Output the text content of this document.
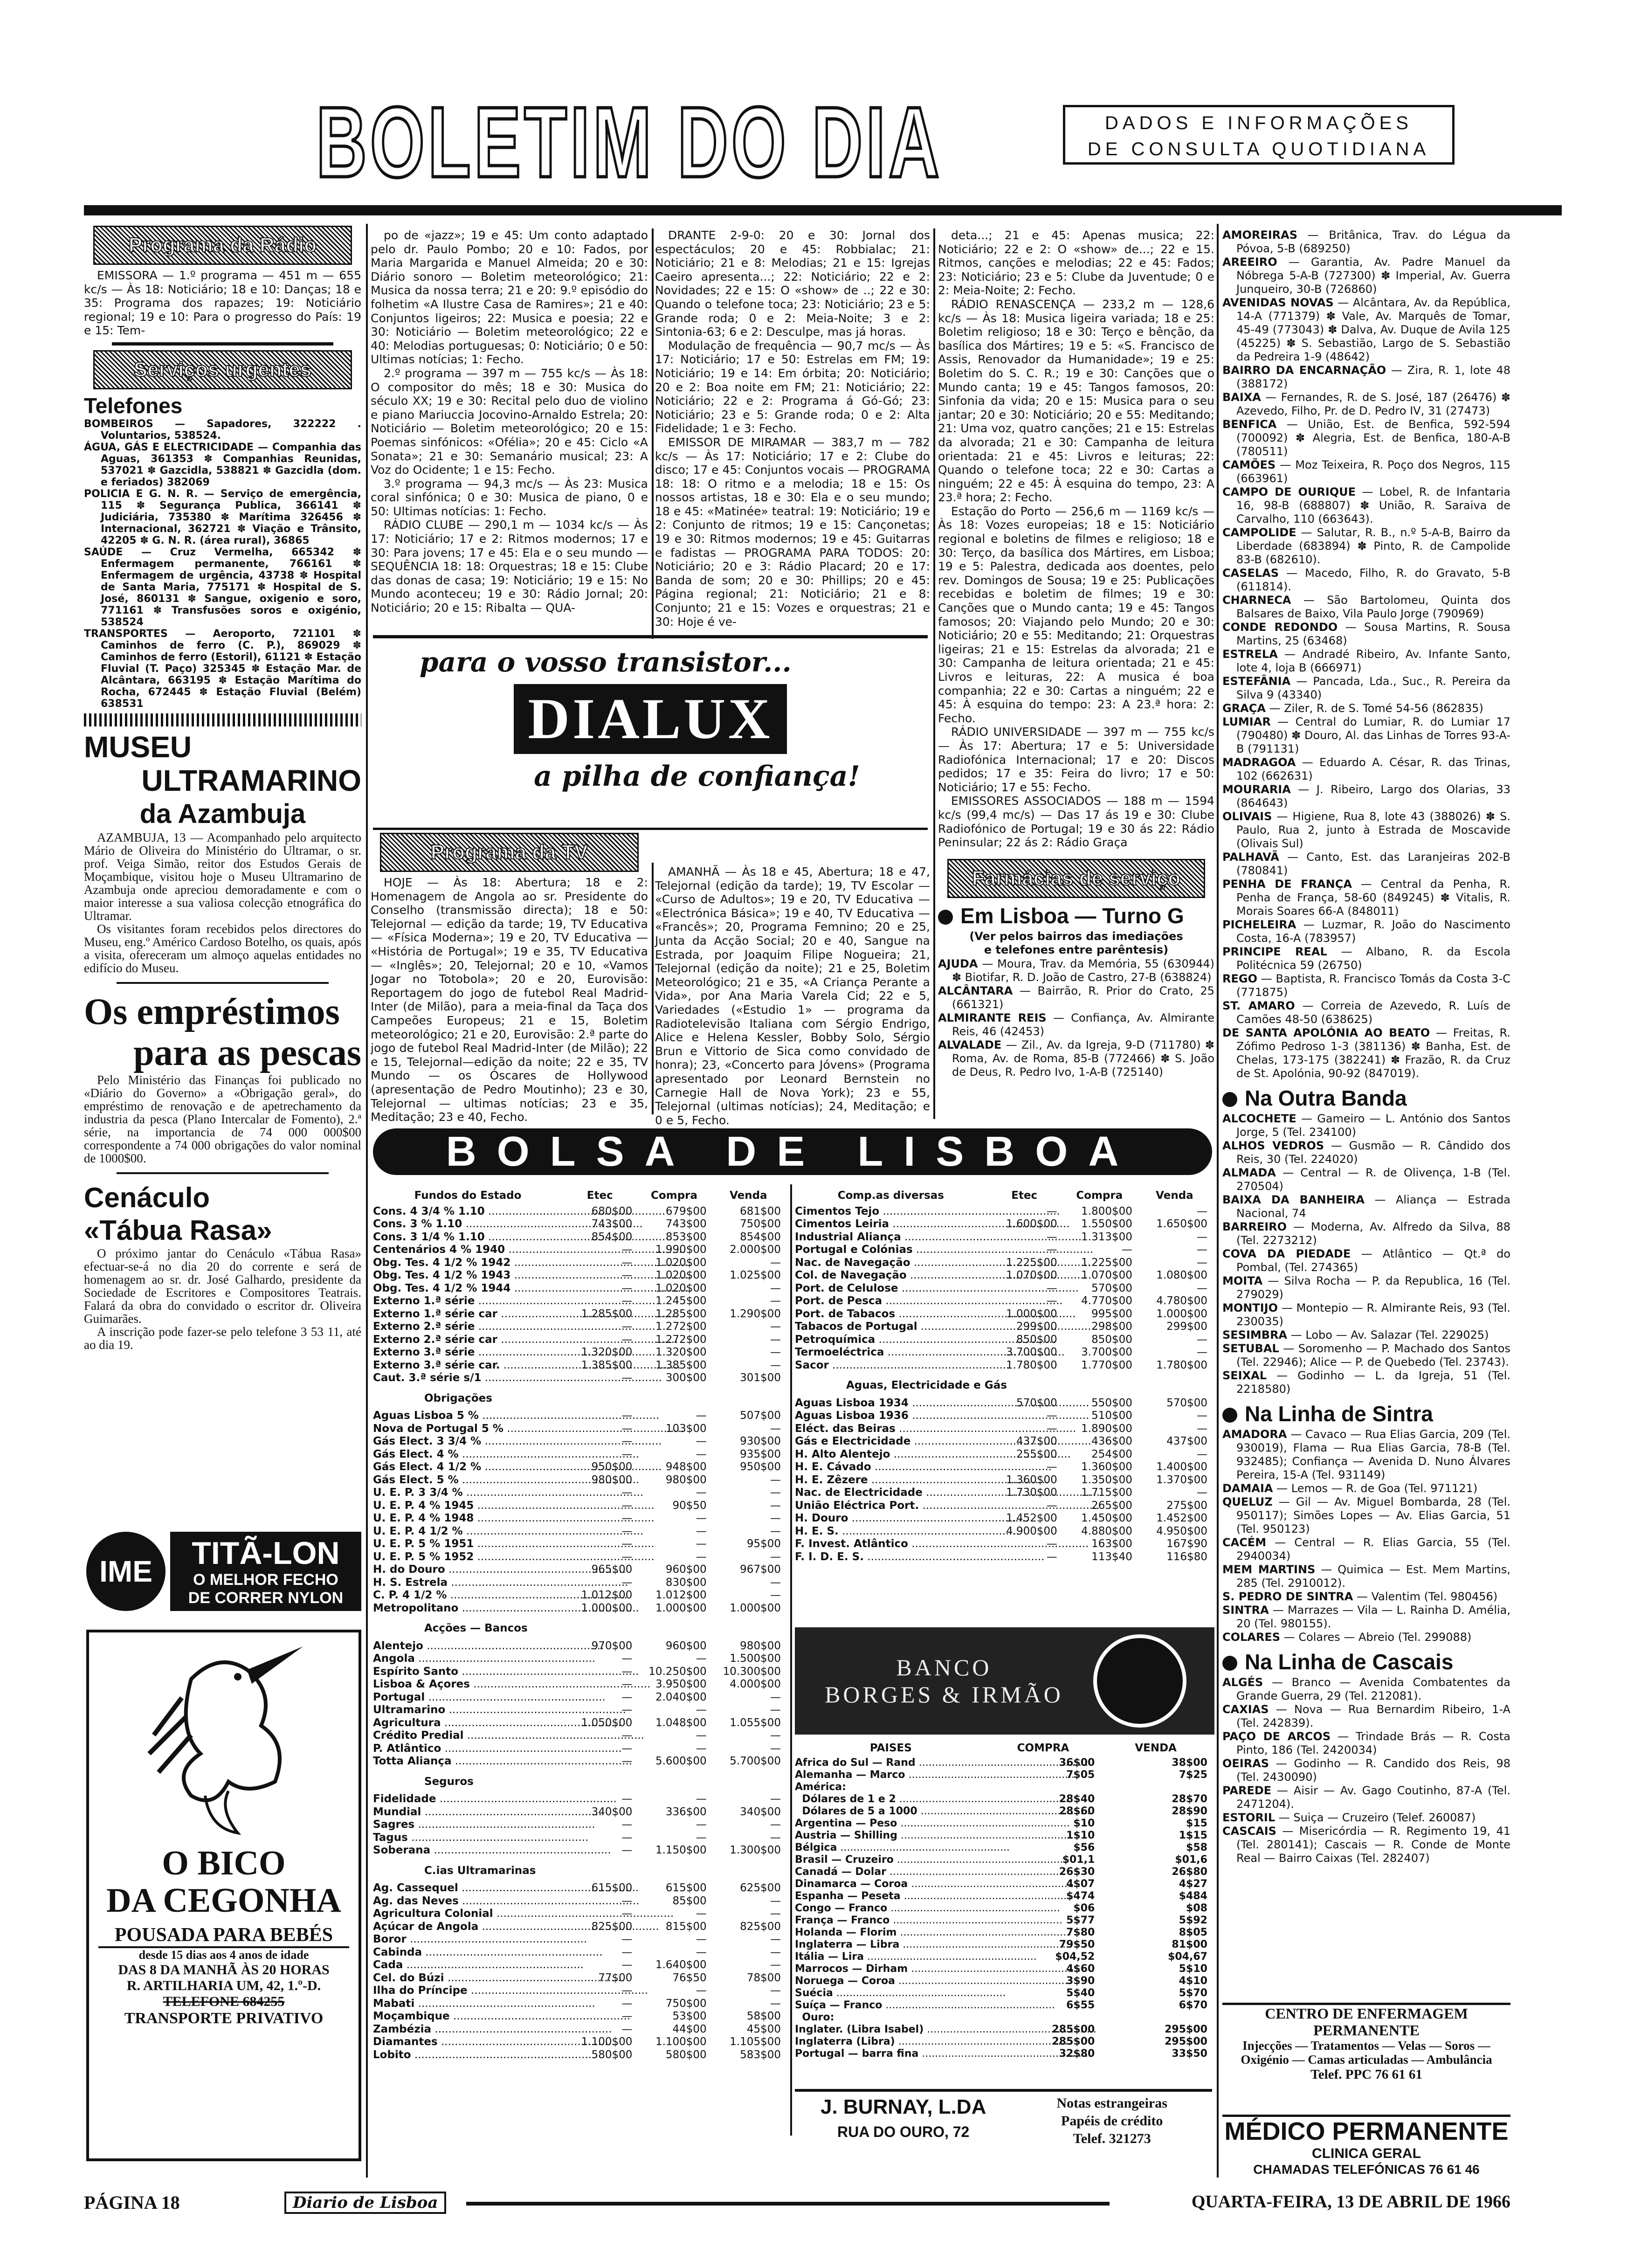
BOLETIM DO DIA	DADOS E INFORMAÇÕES
DE CONSULTA QUOTIDIANA
Programa da Rádio

EMISSORA — 1.º programa — 451 m — 655 kc/s — Às 18: Noticiário; 18 e 10: Danças; 18 e 35: Programa dos rapazes; 19: Noticiário regional; 19 e 10: Para o progresso do País: 19 e 15: Tem-

Serviços urgentes
Telefones
BOMBEIROS — Sapadores, 322222 . Voluntarios, 538524.
ÁGUA, GÁS E ELECTRICIDADE — Companhia das Aguas, 361353 ✽ Companhias Reunidas, 537021 ✽ Gazcidla, 538821 ✽ Gazcidla (dom. e feriados) 382069
POLICIA E G. N. R. — Serviço de emergência, 115 ✽ Segurança Publica, 366141 ✽ Judiciária, 735380 ✽ Marítima 326456 ✽ Internacional, 362721 ✽ Viação e Trânsito, 42205 ✽ G. N. R. (área rural), 36865
SAÚDE — Cruz Vermelha, 665342 ✽ Enfermagem permanente, 766161 ✽ Enfermagem de urgência, 43738 ✽ Hospital de Santa Maria, 775171 ✽ Hospital de S. José, 860131 ✽ Sangue, oxigenio e soro, 771161 ✽ Transfusões soros e oxigénio, 538524
TRANSPORTES — Aeroporto, 721101 ✽ Caminhos de ferro (C. P.), 869029 ✽ Caminhos de ferro (Estoril), 61121 ✽ Estação Fluvial (T. Paço) 325345 ✽ Estação Mar. de Alcântara, 663195 ✽ Estação Marítima do Rocha, 672445 ✽ Estação Fluvial (Belém) 638531
MUSEU
ULTRAMARINO
da Azambuja

AZAMBUJA, 13 — Acompanhado pelo arquitecto Mário de Oliveira do Ministério do Ultramar, o sr. prof. Veiga Simão, reitor dos Estudos Gerais de Moçambique, visitou hoje o Museu Ultramarino de Azambuja onde apreciou demoradamente e com o maior interesse a sua valiosa colecção etnográfica do Ultramar.

Os visitantes foram recebidos pelos directores do Museu, eng.º Américo Cardoso Botelho, os quais, após a visita, ofereceram um almoço aquelas entidades no edifício do Museu.

Os empréstimos
para as pescas

Pelo Ministério das Finanças foi publicado no «Diário do Governo» a «Obrigação geral», do empréstimo de renovação e de apetrechamento da industria da pesca (Plano Intercalar de Fomento), 2.ª série, na importancia de 74 000 000$00 correspondente a 74 000 obrigações do valor nominal de 1000$00.

Cenáculo
«Tábua Rasa»

O próximo jantar do Cenáculo «Tábua Rasa» efectuar-se-á no dia 20 do corrente e será de homenagem ao sr. dr. José Galhardo, presidente da Sociedade de Escritores e Compositores Teatrais. Falará da obra do convidado o escritor dr. Oliveira Guimarães.

A inscrição pode fazer-se pelo telefone 3 53 11, até ao dia 19.

IME
TITÃ-LON
O MELHOR FECHO
DE CORRER NYLON
O BICO
DA CEGONHA
POUSADA PARA BEBÉS
desde 15 dias aos 4 anos de idade
DAS 8 DA MANHÃ ÀS 20 HORAS
R. ARTILHARIA UM, 42, 1.º-D.
TELEFONE 684255
TRANSPORTE PRIVATIVO

po de «jazz»; 19 e 45: Um conto adaptado pelo dr. Paulo Pombo; 20 e 10: Fados, por Maria Margarida e Manuel Almeida; 20 e 30: Diário sonoro — Boletim meteorológico; 21: Musica da nossa terra; 21 e 20: 9.º episódio do folhetim «A Ilustre Casa de Ramires»; 21 e 40: Conjuntos ligeiros; 22: Musica e poesia; 22 e 30: Noticiário — Boletim meteorológico; 22 e 40: Melodias portuguesas; 0: Noticiário; 0 e 50: Ultimas notícias; 1: Fecho.

2.º programa — 397 m — 755 kc/s — Às 18: O compositor do mês; 18 e 30: Musica do século XX; 19 e 30: Recital pelo duo de violino e piano Mariuccia Jocovino-Arnaldo Estrela; 20: Noticiário — Boletim meteorológico; 20 e 15: Poemas sinfónicos: «Ofélia»; 20 e 45: Ciclo «A Sonata»; 21 e 30: Semanário musical; 23: A Voz do Ocidente; 1 e 15: Fecho.

3.º programa — 94,3 mc/s — Às 23: Musica coral sinfónica; 0 e 30: Musica de piano, 0 e 50: Ultimas notícias: 1: Fecho.

RÁDIO CLUBE — 290,1 m — 1034 kc/s — Às 17: Noticiário; 17 e 2: Ritmos modernos; 17 e 30: Para jovens; 17 e 45: Ela e o seu mundo — SEQUÊNCIA 18: 18: Orquestras; 18 e 15: Clube das donas de casa; 19: Noticiário; 19 e 15: No Mundo aconteceu; 19 e 30: Rádio Jornal; 20: Noticiário; 20 e 15: Ribalta — QUA-

DRANTE 2-9-0: 20 e 30: Jornal dos espectáculos; 20 e 45: Robbialac; 21: Noticiário; 21 e 8: Melodias; 21 e 15: Igrejas Caeiro apresenta...; 22: Noticiário; 22 e 2: Novidades; 22 e 15: O «show» de ..; 22 e 30: Quando o telefone toca; 23: Noticiário; 23 e 5: Grande roda; 0 e 2: Meia-Noite; 3 e 2: Sintonia-63; 6 e 2: Desculpe, mas já horas.

Modulação de frequência — 90,7 mc/s — Às 17: Noticiário; 17 e 50: Estrelas em FM; 19: Noticiário; 19 e 14: Em órbita; 20: Noticiário; 20 e 2: Boa noite em FM; 21: Noticiário; 22: Noticiário; 22 e 2: Programa á Gó-Gó; 23: Noticiário; 23 e 5: Grande roda; 0 e 2: Alta Fidelidade; 1 e 3: Fecho.

EMISSOR DE MIRAMAR — 383,7 m — 782 kc/s — Às 17: Noticiário; 17 e 2: Clube do disco; 17 e 45: Conjuntos vocais — PROGRAMA 18: 18: O ritmo e a melodia; 18 e 15: Os nossos artistas, 18 e 30: Ela e o seu mundo; 18 e 45: «Matinée» teatral: 19: Noticiário; 19 e 2: Conjunto de ritmos; 19 e 15: Cançonetas; 19 e 30: Ritmos modernos; 19 e 45: Guitarras e fadistas — PROGRAMA PARA TODOS: 20: Noticiário; 20 e 3: Rádio Placard; 20 e 17: Banda de som; 20 e 30: Phillips; 20 e 45: Página regional; 21: Noticiário; 21 e 8: Conjunto; 21 e 15: Vozes e orquestras; 21 e 30: Hoje é ve-

para o vosso transistor...
DIALUX
a pilha de confiança!
Programa da TV

HOJE — Às 18: Abertura; 18 e 2: Homenagem de Angola ao sr. Presidente do Conselho (transmissão directa); 18 e 50: Telejornal — edição da tarde; 19, TV Educativa — «Física Moderna»; 19 e 20, TV Educativa — «História de Portugal»; 19 e 35, TV Educativa — «Inglês»; 20, Telejornal; 20 e 10, «Vamos Jogar no Totobola»; 20 e 20, Eurovisão: Reportagem do jogo de futebol Real Madrid-Inter (de Milão), para a meia-final da Taça dos Campeões Europeus; 21 e 15, Boletim meteorológico; 21 e 20, Eurovisão: 2.ª parte do jogo de futebol Real Madrid-Inter (de Milão); 22 e 15, Telejornal—edição da noite; 22 e 35, TV Mundo — os Óscares de Hollywood (apresentação de Pedro Moutinho); 23 e 30, Telejornal — ultimas notícias; 23 e 35, Meditação; 23 e 40, Fecho.

AMANHÃ — Às 18 e 45, Abertura; 18 e 47, Telejornal (edição da tarde); 19, TV Escolar — «Curso de Adultos»; 19 e 20, TV Educativa — «Electrónica Básica»; 19 e 40, TV Educativa — «Francês»; 20, Programa Femnino; 20 e 25, Junta da Acção Social; 20 e 40, Sangue na Estrada, por Joaquim Filipe Nogueira; 21, Telejornal (edição da noite); 21 e 25, Boletim Meteorológico; 21 e 35, «A Criança Perante a Vida», por Ana Maria Varela Cid; 22 e 5, Variedades («Estudio 1» — programa da Radiotelevisão Italiana com Sérgio Endrigo, Alice e Helena Kessler, Bobby Solo, Sérgio Brun e Vittorio de Sica como convidado de honra); 23, «Concerto para Jóvens» (Programa apresentado por Leonard Bernstein no Carnegie Hall de Nova York); 23 e 55, Telejornal (ultimas notícias); 24, Meditação; e 0 e 5, Fecho.

deta...; 21 e 45: Apenas musica; 22: Noticiário; 22 e 2: O «show» de...; 22 e 15. Ritmos, canções e melodias; 22 e 45: Fados; 23: Noticiário; 23 e 5: Clube da Juventude; 0 e 2: Meia-Noite; 2: Fecho.

RÁDIO RENASCENÇA — 233,2 m — 128,6 kc/s — Às 18: Musica ligeira variada; 18 e 25: Boletim religioso; 18 e 30: Terço e bênção, da basílica dos Mártires; 19 e 5: «S. Francisco de Assis, Renovador da Humanidade»; 19 e 25: Boletim do S. C. R.; 19 e 30: Canções que o Mundo canta; 19 e 45: Tangos famosos, 20: Sinfonia da vida; 20 e 15: Musica para o seu jantar; 20 e 30: Noticiário; 20 e 55: Meditando; 21: Uma voz, quatro canções; 21 e 15: Estrelas da alvorada; 21 e 30: Campanha de leitura orientada: 21 e 45: Livros e leituras; 22: Quando o telefone toca; 22 e 30: Cartas a ninguém; 22 e 45: À esquina do tempo, 23: A 23.ª hora; 2: Fecho.

Estação do Porto — 256,6 m — 1169 kc/s — Às 18: Vozes europeias; 18 e 15: Noticiário regional e boletins de filmes e religioso; 18 e 30: Terço, da basílica dos Mártires, em Lisboa; 19 e 5: Palestra, dedicada aos doentes, pelo rev. Domingos de Sousa; 19 e 25: Publicações recebidas e boletim de filmes; 19 e 30: Canções que o Mundo canta; 19 e 45: Tangos famosos; 20: Viajando pelo Mundo; 20 e 30: Noticiário; 20 e 55: Meditando; 21: Orquestras ligeiras; 21 e 15: Estrelas da alvorada; 21 e 30: Campanha de leitura orientada; 21 e 45: Livros e leituras, 22: A musica é boa companhia; 22 e 30: Cartas a ninguém; 22 e 45: À esquina do tempo: 23: A 23.ª hora: 2: Fecho.

RÁDIO UNIVERSIDADE — 397 m — 755 kc/s — Às 17: Abertura; 17 e 5: Universidade Radiofónica Internacional; 17 e 20: Discos pedidos; 17 e 35: Feira do livro; 17 e 50: Noticiário; 17 e 55: Fecho.

EMISSORES ASSOCIADOS — 188 m — 1594 kc/s (99,4 mc/s) — Das 17 ás 19 e 30: Clube Radiofónico de Portugal; 19 e 30 ás 22: Rádio Peninsular; 22 ás 2: Rádio Graça

Farmácias de serviço
Em Lisboa — Turno G
(Ver pelos bairros das imediações e telefones entre parêntesis)
AJUDA — Moura, Trav. da Memória, 55 (630944) ✽ Biotifar, R. D. João de Castro, 27-B (638824)
ALCÂNTARA — Bairrão, R. Prior do Crato, 25 (661321)
ALMIRANTE REIS — Confiança, Av. Almirante Reis, 46 (42453)
ALVALADE — Zil., Av. da Igreja, 9-D (711780) ✽ Roma, Av. de Roma, 85-B (772466) ✽ S. João de Deus, R. Pedro Ivo, 1-A-B (725140)
BOLSA DE LISBOA
Fundos do Estado	Etec	Compra	Venda
Cons. 4 3/4 % 1.10 .....	680$00	679$00	681$00
Cons. 3 % 1.10 .....	743$00	743$00	750$00
Cons. 3 1/4 % 1.10 .....	854$00	853$00	854$00
Centenários 4 % 1940 .....	—	1.990$00	2.000$00
Obg. Tes. 4 1/2 % 1942 .....	—	1.020$00	—
Obg. Tes. 4 1/2 % 1943 .....	—	1.020$00	1.025$00
Obg. Tes. 4 1/2 % 1944 .....	—	1.020$00	—
Externo 1.ª série .....	—	1.245$00	—
Externo 1.ª série car .....	1.285$00	1.285$00	1.290$00
Externo 2.ª série .....	—	1.272$00	—
Externo 2.ª série car .....	—	1.272$00	—
Externo 3.ª série .....	1.320$00	1.320$00	—
Externo 3.ª série car. .....	1.385$00	1.385$00	—
Caut. 3.ª série s/1 .....	—	300$00	301$00
Obrigações
Aguas Lisboa 5 % .....	—	—	507$00
Nova de Portugal 5 % .....	—	103$00	—
Gás Elect. 3 3/4 % .....	—	—	930$00
Gás Elect. 4 % .....	—	—	935$00
Gás Elect. 4 1/2 % .....	950$00	948$00	950$00
Gás Elect. 5 % .....	980$00	980$00	—
U. E. P. 3 3/4 % .....	—	—	—
U. E. P. 4 % 1945 .....	—	90$50	—
U. E. P. 4 % 1948 .....	—	—	—
U. E. P. 4 1/2 % .....	—	—	—
U. E. P. 5 % 1951 .....	—	—	95$00
U. E. P. 5 % 1952 .....	—	—	—
H. do Douro .....	965$00	960$00	967$00
H. S. Estrela .....	—	830$00	—
C. P. 4 1/2 % .....	1.012$00	1.012$00	—
Metropolitano .....	1.000$00	1.000$00	1.000$00
Acções — Bancos
Alentejo .....	970$00	960$00	980$00
Angola .....	—	—	1.500$00
Espírito Santo .....	—	10.250$00	10.300$00
Lisboa & Açores .....	—	3.950$00	4.000$00
Portugal .....	—	2.040$00	—
Ultramarino .....	—	—	—
Agricultura .....	1.050$00	1.048$00	1.055$00
Crédito Predial .....	—	—	—
P. Atlântico .....	—	—	—
Totta Aliança .....	—	5.600$00	5.700$00
Seguros
Fidelidade .....	—	—	—
Mundial .....	340$00	336$00	340$00
Sagres .....	—	—	—
Tagus .....	—	—	—
Soberana .....	—	1.150$00	1.300$00
C.ias Ultramarinas
Ag. Cassequel .....	615$00	615$00	625$00
Ag. das Neves .....	—	85$00	—
Agricultura Colonial .....	—	—	—
Açúcar de Angola .....	825$00	815$00	825$00
Boror .....	—	—	—
Cabinda .....	—	—	—
Cada .....	—	1.640$00	—
Cel. do Búzi .....	77$00	76$50	78$00
Ilha do Príncipe .....	—	—	—
Mabati .....	—	750$00	—
Moçambique .....	—	53$00	58$00
Zambézia .....	—	44$00	45$00
Diamantes .....	1.100$00	1.100$00	1.105$00
Lobito .....	580$00	580$00	583$00
Comp.as diversas	Etec	Compra	Venda
Cimentos Tejo .....	—	1.800$00	—
Cimentos Leiria .....	1.600$00	1.550$00	1.650$00
Industrial Aliança .....	—	1.313$00	—
Portugal e Colónias .....	—	—	—
Nac. de Navegação .....	1.225$00	1.225$00	—
Col. de Navegação .....	1.070$00	1.070$00	1.080$00
Port. de Celulose .....	—	570$00	—
Port. de Pesca .....	—	4.770$00	4.780$00
Port. de Tabacos .....	1.000$00	995$00	1.000$00
Tabacos de Portugal .....	299$00	298$00	299$00
Petroquímica .....	850$00	850$00	—
Termoeléctrica .....	3.700$00	3.700$00	—
Sacor .....	1.780$00	1.770$00	1.780$00
Aguas, Electricidade e Gás
Aguas Lisboa 1934 .....	570$00	550$00	570$00
Aguas Lisboa 1936 .....	—	510$00	—
Eléct. das Beiras .....	—	1.890$00	—
Gás e Electricidade .....	437$00	436$00	437$00
H. Alto Alentejo .....	255$00	254$00	—
H. E. Cávado .....	—	1.360$00	1.400$00
H. E. Zêzere .....	1.360$00	1.350$00	1.370$00
Nac. de Electricidade .....	1.730$00	1.715$00	—
União Eléctrica Port. .....	—	265$00	275$00
H. Douro .....	1.452$00	1.450$00	1.452$00
H. E. S. .....	4.900$00	4.880$00	4.950$00
F. Invest. Atlântico .....	—	163$00	167$90
F. I. D. E. S. .....	—	113$40	116$80
BANCO
BORGES & IRMÃO
PAISES	COMPRA	VENDA
Africa do Sul — Rand .....	36$00	38$00
Alemanha — Marco .....	7$05	7$25
América:
Dólares de 1 e 2 .....	28$40	28$70
Dólares de 5 a 1000 .....	28$60	28$90
Argentina — Peso .....	$10	$15
Austria — Shilling .....	1$10	1$15
Bélgica .....	$56	$58
Brasil — Cruzeiro .....	$01,1	$01,6
Canadá — Dolar .....	26$30	26$80
Dinamarca — Coroa .....	4$07	4$27
Espanha — Peseta .....	$474	$484
Congo — Franco .....	$06	$08
França — Franco .....	5$77	5$92
Holanda — Florim .....	7$80	8$05
Inglaterra — Libra .....	79$50	81$00
Itália — Lira .....	$04,52	$04,67
Marrocos — Dirham .....	4$60	5$10
Noruega — Coroa .....	3$90	4$10
Suécia .....	5$40	5$70
Suíça — Franco .....	6$55	6$70
Ouro:
Inglater. (Libra Isabel) .....	285$00	295$00
Inglaterra (Libra) .....	285$00	295$00
Portugal — barra fina .....	32$80	33$50
J. BURNAY, L.DA
RUA DO OURO, 72
Notas estrangeiras
Papéis de crédito
Telef. 321273
AMOREIRAS — Britânica, Trav. do Légua da Póvoa, 5-B (689250)
AREEIRO — Garantia, Av. Padre Manuel da Nóbrega 5-A-B (727300) ✽ Imperial, Av. Guerra Junqueiro, 30-B (726860)
AVENIDAS NOVAS — Alcântara, Av. da República, 14-A (771379) ✽ Vale, Av. Marquês de Tomar, 45-49 (773043) ✽ Dalva, Av. Duque de Avila 125 (45225) ✽ S. Sebastião, Largo de S. Sebastião da Pedreira 1-9 (48642)
BAIRRO DA ENCARNAÇÃO — Zira, R. 1, lote 48 (388172)
BAIXA — Fernandes, R. de S. José, 187 (26476) ✽ Azevedo, Filho, Pr. de D. Pedro IV, 31 (27473)
BENFICA — União, Est. de Benfica, 592-594 (700092) ✽ Alegria, Est. de Benfica, 180-A-B (780511)
CAMÕES — Moz Teixeira, R. Poço dos Negros, 115 (663961)
CAMPO DE OURIQUE — Lobel, R. de Infantaria 16, 98-B (688807) ✽ União, R. Saraiva de Carvalho, 110 (663643).
CAMPOLIDE — Salutar, R. B., n.º 5-A-B, Bairro da Liberdade (683894) ✽ Pinto, R. de Campolide 83-B (682610).
CASELAS — Macedo, Filho, R. do Gravato, 5-B (611814).
CHARNECA — São Bartolomeu, Quinta dos Balsares de Baixo, Vila Paulo Jorge (790969)
CONDE REDONDO — Sousa Martins, R. Sousa Martins, 25 (63468)
ESTRELA — Andradé Ribeiro, Av. Infante Santo, lote 4, loja B (666971)
ESTEFÂNIA — Pancada, Lda., Suc., R. Pereira da Silva 9 (43340)
GRAÇA — Ziler, R. de S. Tomé 54-56 (862835)
LUMIAR — Central do Lumiar, R. do Lumiar 17 (790480) ✽ Douro, Al. das Linhas de Torres 93-A-B (791131)
MADRAGOA — Eduardo A. César, R. das Trinas, 102 (662631)
MOURARIA — J. Ribeiro, Largo dos Olarias, 33 (864643)
OLIVAIS — Higiene, Rua 8, lote 43 (388026) ✽ S. Paulo, Rua 2, junto à Estrada de Moscavide (Olivais Sul)
PALHAVÃ — Canto, Est. das Laranjeiras 202-B (780841)
PENHA DE FRANÇA — Central da Penha, R. Penha de França, 58-60 (849245) ✽ Vitalis, R. Morais Soares 66-A (848011)
PICHELEIRA — Luzmar, R. João do Nascimento Costa, 16-A (783957)
PRINCIPE REAL — Albano, R. da Escola Politécnica 59 (26750)
REGO — Baptista, R. Francisco Tomás da Costa 3-C (771875)
ST. AMARO — Correia de Azevedo, R. Luís de Camões 48-50 (638625)
DE SANTA APOLÓNIA AO BEATO — Freitas, R. Zófimo Pedroso 1-3 (381136) ✽ Banha, Est. de Chelas, 173-175 (382241) ✽ Frazão, R. da Cruz de St. Apolónia, 90-92 (847019).
Na Outra Banda
ALCOCHETE — Gameiro — L. António dos Santos Jorge, 5 (Tel. 234100)
ALHOS VEDROS — Gusmão — R. Cândido dos Reis, 30 (Tel. 224020)
ALMADA — Central — R. de Olivença, 1-B (Tel. 270504)
BAIXA DA BANHEIRA — Aliança — Estrada Nacional, 74
BARREIRO — Moderna, Av. Alfredo da Silva, 88 (Tel. 2273212)
COVA DA PIEDADE — Atlântico — Qt.ª do Pombal, (Tel. 274365)
MOITA — Silva Rocha — P. da Republica, 16 (Tel. 279029)
MONTIJO — Montepio — R. Almirante Reis, 93 (Tel. 230035)
SESIMBRA — Lobo — Av. Salazar (Tel. 229025)
SETUBAL — Soromenho — P. Machado dos Santos (Tel. 22946); Alice — P. de Quebedo (Tel. 23743).
SEIXAL — Godinho — L. da Igreja, 51 (Tel. 2218580)
Na Linha de Sintra
AMADORA — Cavaco — Rua Elias Garcia, 209 (Tel. 930019), Flama — Rua Elias Garcia, 78-B (Tel. 932485); Confiança — Avenida D. Nuno Álvares Pereira, 15-A (Tel. 931149)
DAMAIA — Lemos — R. de Goa (Tel. 971121)
QUELUZ — Gil — Av. Miguel Bombarda, 28 (Tel. 950117); Simões Lopes — Av. Elias Garcia, 51 (Tel. 950123)
CACÉM — Central — R. Elias Garcia, 55 (Tel. 2940034)
MEM MARTINS — Quimica — Est. Mem Martins, 285 (Tel. 2910012).
S. PEDRO DE SINTRA — Valentim (Tel. 980456)
SINTRA — Marrazes — Vila — L. Rainha D. Amélia, 20 (Tel. 980155).
COLARES — Colares — Abreio (Tel. 299088)
Na Linha de Cascais
ALGÉS — Branco — Avenida Combatentes da Grande Guerra, 29 (Tel. 212081).
CAXIAS — Nova — Rua Bernardim Ribeiro, 1-A (Tel. 242839).
PAÇO DE ARCOS — Trindade Brás — R. Costa Pinto, 186 (Tel. 2420034)
OEIRAS — Godinho — R. Candido dos Reis, 98 (Tel. 2430090)
PAREDE — Aisir — Av. Gago Coutinho, 87-A (Tel. 2471204).
ESTORIL — Suiça — Cruzeiro (Telef. 260087)
CASCAIS — Misericórdia — R. Regimento 19, 41 (Tel. 280141); Cascais — R. Conde de Monte Real — Bairro Caixas (Tel. 282407)
CENTRO DE ENFERMAGEM PERMANENTE
Injecções — Tratamentos — Velas — Soros — Oxigénio — Camas articuladas — Ambulância
Telef. PPC 76 61 61
MÉDICO PERMANENTE
CLINICA GERAL
CHAMADAS TELEFÓNICAS 76 61 46
PÁGINA 18	Diario de Lisboa	QUARTA-FEIRA, 13 DE ABRIL DE 1966
